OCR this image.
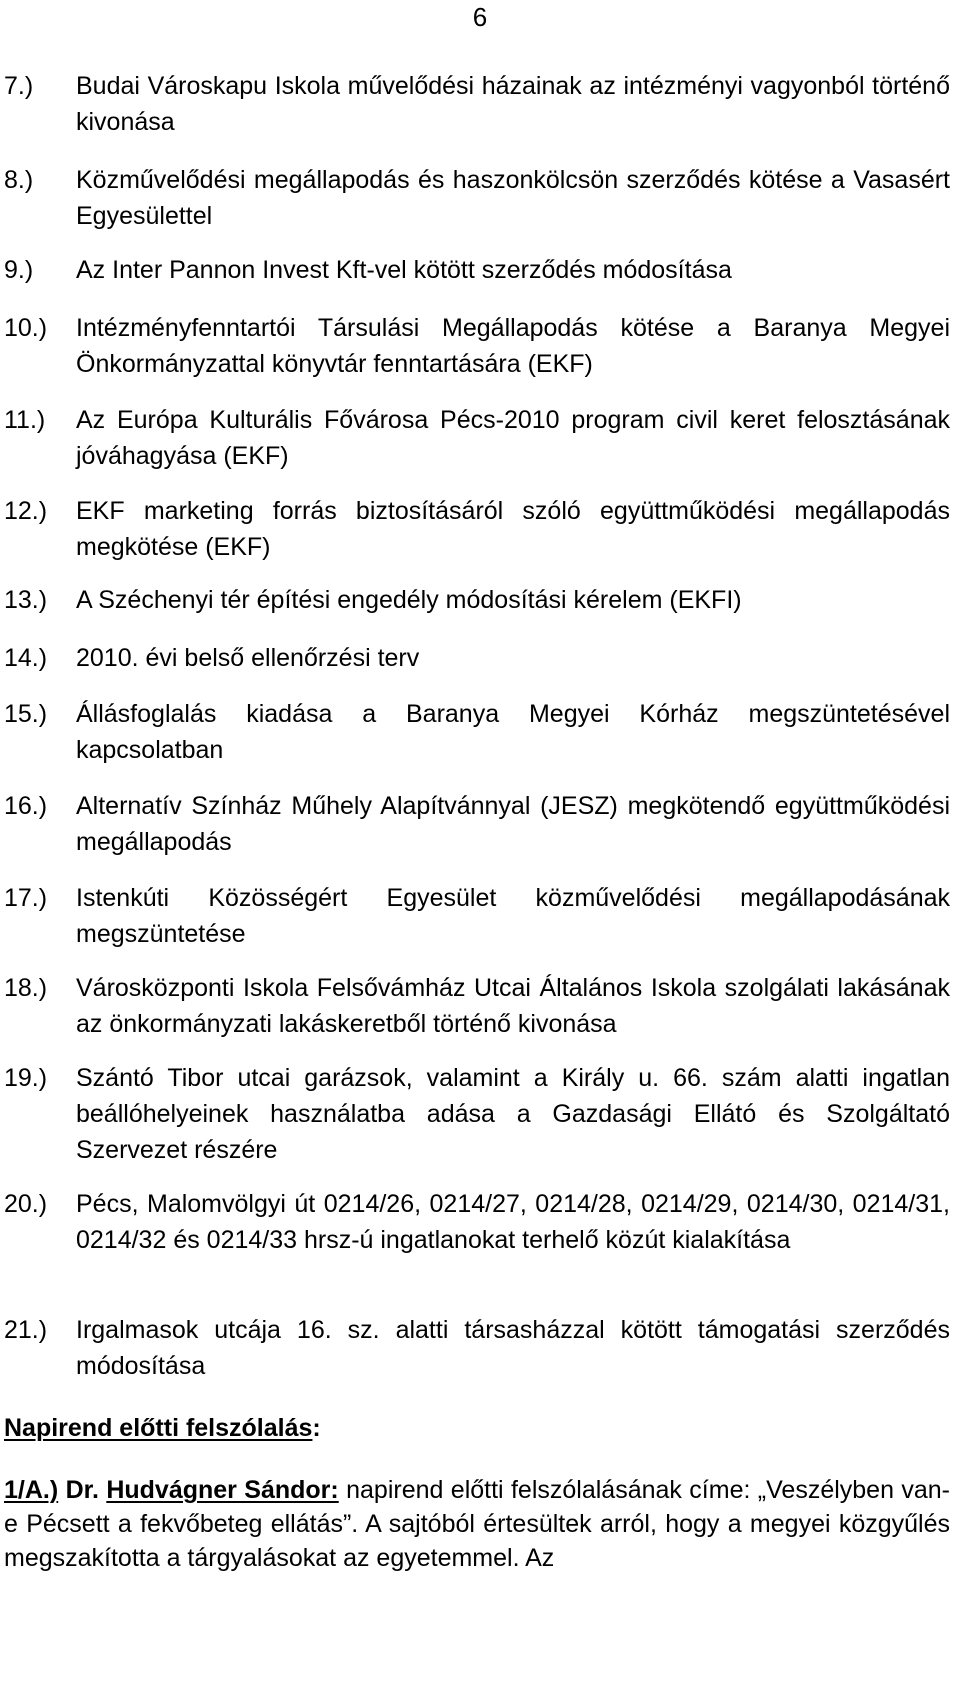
6
7.)	Budai Városkapu Iskola művelődési házainak az intézményi vagyonból történő kivonása
8.)	Közművelődési megállapodás és haszonkölcsön szerződés kötése a Vasasért Egyesülettel
9.)	Az Inter Pannon Invest Kft-vel kötött szerződés módosítása
10.)	Intézményfenntartói Társulási Megállapodás kötése a Baranya Megyei Önkormányzattal könyvtár fenntartására (EKF)
11.)	Az Európa Kulturális Fővárosa Pécs-2010 program civil keret felosztásának jóváhagyása (EKF)
12.)	EKF marketing forrás biztosításáról szóló együttműködési megállapodás megkötése (EKF)
13.)	A Széchenyi tér építési engedély módosítási kérelem (EKFI)
14.)	2010. évi belső ellenőrzési terv
15.)	Állásfoglalás kiadása a Baranya Megyei Kórház megszüntetésével kapcsolatban
16.)	Alternatív Színház Műhely Alapítvánnyal (JESZ) megkötendő együttműködési megállapodás
17.)	Istenkúti Közösségért Egyesület közművelődési megállapodásának megszüntetése
18.)	Városközponti Iskola Felsővámház Utcai Általános Iskola szolgálati lakásának az önkormányzati lakáskeretből történő kivonása
19.)	Szántó Tibor utcai garázsok, valamint a Király u. 66. szám alatti ingatlan beállóhelyeinek használatba adása a Gazdasági Ellátó és Szolgáltató Szervezet részére
20.)	Pécs, Malomvölgyi út 0214/26, 0214/27, 0214/28, 0214/29, 0214/30, 0214/31, 0214/32 és 0214/33 hrsz-ú ingatlanokat terhelő közút kialakítása
21.)	Irgalmasok utcája 16. sz. alatti társasházzal kötött támogatási szerződés módosítása
Napirend előtti felszólalás:
1/A.) Dr. Hudvágner Sándor: napirend előtti felszólalásának címe: „Veszélyben van-e Pécsett a fekvőbeteg ellátás”. A sajtóból értesültek arról, hogy a megyei közgyűlés megszakította a tárgyalásokat az egyetemmel. Az
